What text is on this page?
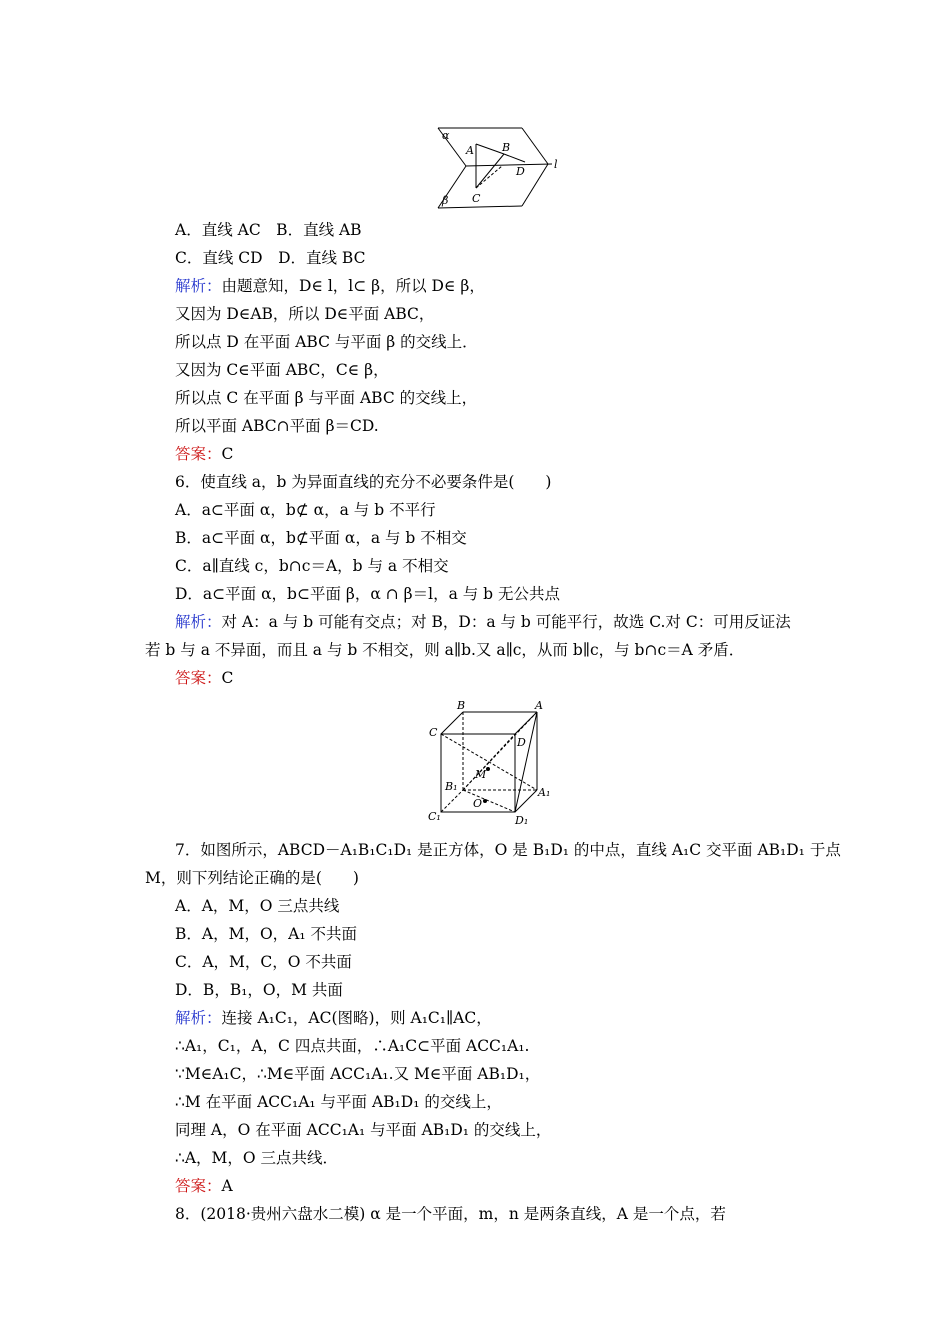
α
β
l
A	B
C
D
A．直线 AC　B．直线 AB
C．直线 CD　D．直线 BC
解析：由题意知，D∈ l，l⊂ β，所以 D∈ β，
又因为 D∈AB，所以 D∈平面 ABC，
所以点 D 在平面 ABC 与平面 β 的交线上．
又因为 C∈平面 ABC，C∈ β，
所以点 C 在平面 β 与平面 ABC 的交线上，
所以平面 ABC∩平面 β＝CD.
答案：C
6．使直线 a，b 为异面直线的充分不必要条件是(　　)
A．a⊂平面 α，b⊄ α，a 与 b 不平行
B．a⊂平面 α，b⊄平面 α，a 与 b 不相交
C．a∥直线 c，b∩c＝A，b 与 a 不相交
D．a⊂平面 α，b⊂平面 β，α ∩ β＝l，a 与 b 无公共点
解析：对 A：a 与 b 可能有交点；对 B，D：a 与 b 可能平行，故选 C.对 C：可用反证法
若 b 与 a 不异面，而且 a 与 b 不相交，则 a∥b.又 a∥c，从而 b∥c，与 b∩c＝A 矛盾．
答案：C
B	A
C
D
B₁	A₁
C₁	D₁
M
O
7．如图所示，ABCD－A₁B₁C₁D₁ 是正方体，O 是 B₁D₁ 的中点，直线 A₁C 交平面 AB₁D₁ 于点
M，则下列结论正确的是(　　)
A．A，M，O 三点共线
B．A，M，O，A₁ 不共面
C．A，M，C，O 不共面
D．B，B₁，O，M 共面
解析：连接 A₁C₁，AC(图略)，则 A₁C₁∥AC，
∴A₁，C₁，A，C 四点共面，∴A₁C⊂平面 ACC₁A₁.
∵M∈A₁C，∴M∈平面 ACC₁A₁.又 M∈平面 AB₁D₁，
∴M 在平面 ACC₁A₁ 与平面 AB₁D₁ 的交线上，
同理 A，O 在平面 ACC₁A₁ 与平面 AB₁D₁ 的交线上，
∴A，M，O 三点共线．
答案：A
8．(2018·贵州六盘水二模) α 是一个平面，m，n 是两条直线，A 是一个点，若
